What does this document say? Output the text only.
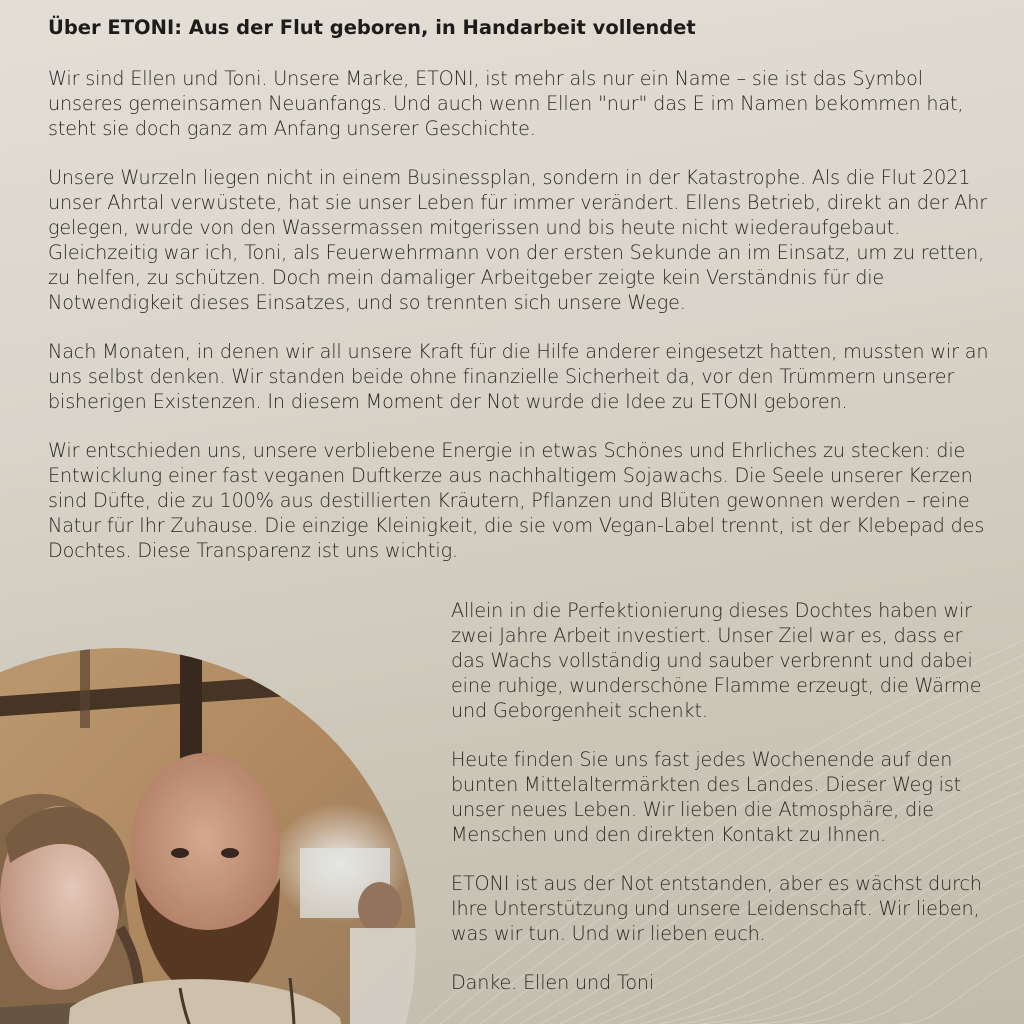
Über ETONI: Aus der Flut geboren, in Handarbeit vollendet

Wir sind Ellen und Toni. Unsere Marke, ETONI, ist mehr als nur ein Name – sie ist das Symbol unseres gemeinsamen Neuanfangs. Und auch wenn Ellen "nur" das E im Namen bekommen hat, steht sie doch ganz am Anfang unserer Geschichte.

Unsere Wurzeln liegen nicht in einem Businessplan, sondern in der Katastrophe. Als die Flut 2021 unser Ahrtal verwüstete, hat sie unser Leben für immer verändert. Ellens Betrieb, direkt an der Ahr gelegen, wurde von den Wassermassen mitgerissen und bis heute nicht wiederaufgebaut. Gleichzeitig war ich, Toni, als Feuerwehrmann von der ersten Sekunde an im Einsatz, um zu retten, zu helfen, zu schützen. Doch mein damaliger Arbeitgeber zeigte kein Verständnis für die Notwendigkeit dieses Einsatzes, und so trennten sich unsere Wege.

Nach Monaten, in denen wir all unsere Kraft für die Hilfe anderer eingesetzt hatten, mussten wir an uns selbst denken. Wir standen beide ohne finanzielle Sicherheit da, vor den Trümmern unserer bisherigen Existenzen. In diesem Moment der Not wurde die Idee zu ETONI geboren.

Wir entschieden uns, unsere verbliebene Energie in etwas Schönes und Ehrliches zu stecken: die Entwicklung einer fast veganen Duftkerze aus nachhaltigem Sojawachs. Die Seele unserer Kerzen sind Düfte, die zu 100% aus destillierten Kräutern, Pflanzen und Blüten gewonnen werden – reine Natur für Ihr Zuhause. Die einzige Kleinigkeit, die sie vom Vegan-Label trennt, ist der Klebepad des Dochtes. Diese Transparenz ist uns wichtig.

Allein in die Perfektionierung dieses Dochtes haben wir zwei Jahre Arbeit investiert. Unser Ziel war es, dass er das Wachs vollständig und sauber verbrennt und dabei eine ruhige, wunderschöne Flamme erzeugt, die Wärme und Geborgenheit schenkt.

Heute finden Sie uns fast jedes Wochenende auf den bunten Mittelaltermärkten des Landes. Dieser Weg ist unser neues Leben. Wir lieben die Atmosphäre, die Menschen und den direkten Kontakt zu Ihnen.

ETONI ist aus der Not entstanden, aber es wächst durch Ihre Unterstützung und unsere Leidenschaft. Wir lieben, was wir tun. Und wir lieben euch.

Danke. Ellen und Toni
